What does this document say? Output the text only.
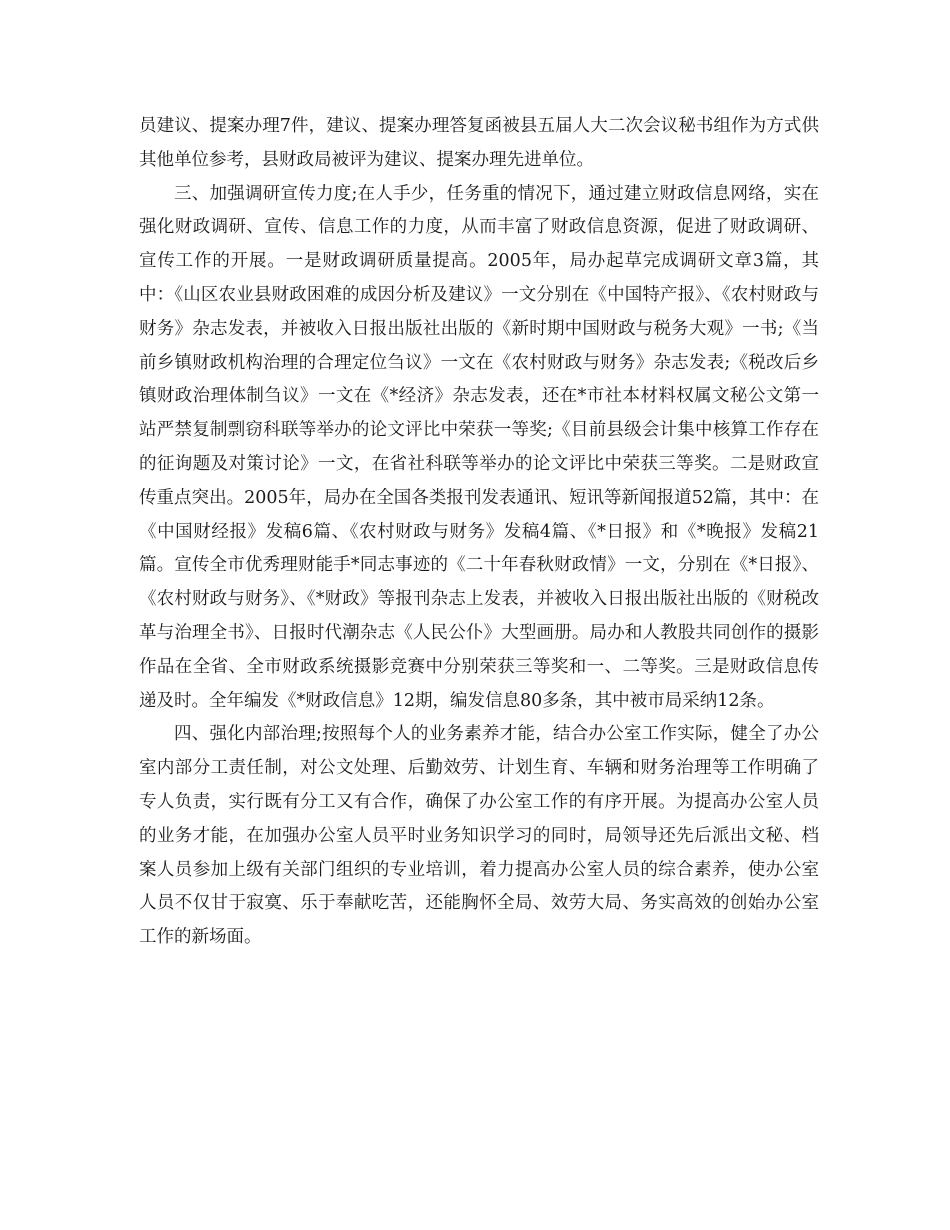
员建议、提案办理7件，建议、提案办理答复函被县五届人大二次会议秘书组作为方式供其他单位参考，县财政局被评为建议、提案办理先进单位。

三、加强调研宣传力度;在人手少，任务重的情况下，通过建立财政信息网络，实在强化财政调研、宣传、信息工作的力度，从而丰富了财政信息资源，促进了财政调研、宣传工作的开展。一是财政调研质量提高。2005年，局办起草完成调研文章3篇，其中：《山区农业县财政困难的成因分析及建议》一文分别在《中国特产报》、《农村财政与财务》杂志发表，并被收入日报出版社出版的《新时期中国财政与税务大观》一书;《当前乡镇财政机构治理的合理定位刍议》一文在《农村财政与财务》杂志发表;《税改后乡镇财政治理体制刍议》一文在《*经济》杂志发表，还在*市社本材料权属文秘公文第一站严禁复制剽窃科联等举办的论文评比中荣获一等奖;《目前县级会计集中核算工作存在的征询题及对策讨论》一文，在省社科联等举办的论文评比中荣获三等奖。二是财政宣传重点突出。2005年，局办在全国各类报刊发表通讯、短讯等新闻报道52篇，其中：在《中国财经报》发稿6篇、《农村财政与财务》发稿4篇、《*日报》和《*晚报》发稿21篇。宣传全市优秀理财能手*同志事迹的《二十年春秋财政情》一文，分别在《*日报》、《农村财政与财务》、《*财政》等报刊杂志上发表，并被收入日报出版社出版的《财税改革与治理全书》、日报时代潮杂志《人民公仆》大型画册。局办和人教股共同创作的摄影作品在全省、全市财政系统摄影竞赛中分别荣获三等奖和一、二等奖。三是财政信息传递及时。全年编发《*财政信息》12期，编发信息80多条，其中被市局采纳12条。

四、强化内部治理;按照每个人的业务素养才能，结合办公室工作实际，健全了办公室内部分工责任制，对公文处理、后勤效劳、计划生育、车辆和财务治理等工作明确了专人负责，实行既有分工又有合作，确保了办公室工作的有序开展。为提高办公室人员的业务才能，在加强办公室人员平时业务知识学习的同时，局领导还先后派出文秘、档案人员参加上级有关部门组织的专业培训，着力提高办公室人员的综合素养，使办公室人员不仅甘于寂寞、乐于奉献吃苦，还能胸怀全局、效劳大局、务实高效的创始办公室工作的新场面。
